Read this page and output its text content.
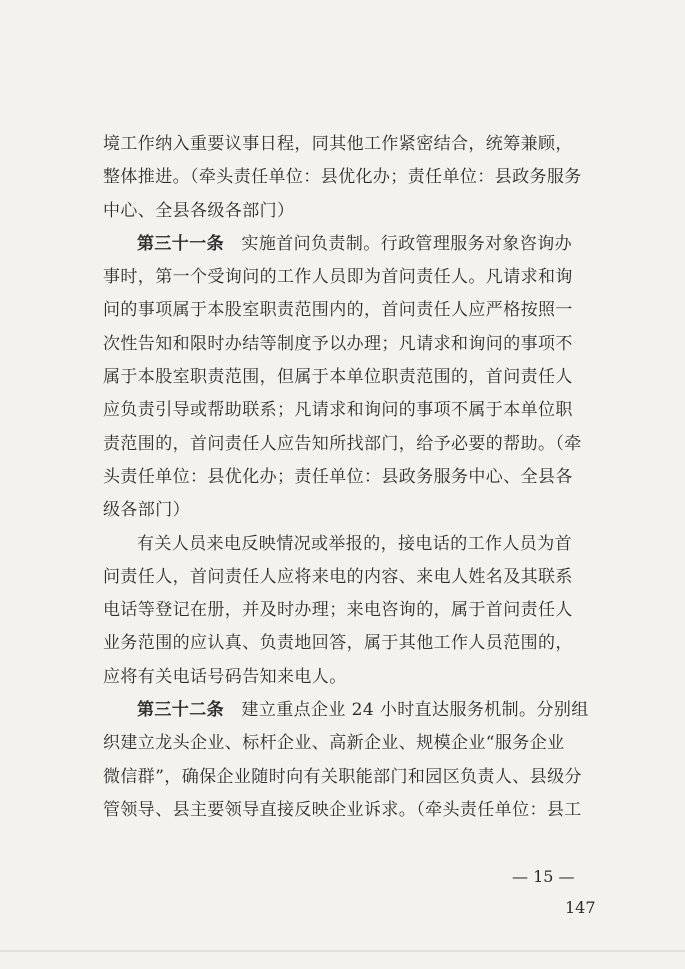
境工作纳入重要议事日程，同其他工作紧密结合，统筹兼顾，
整体推进。（牵头责任单位：县优化办；责任单位：县政务服务
中心、全县各级各部门）
第三十一条 实施首问负责制。行政管理服务对象咨询办
事时，第一个受询问的工作人员即为首问责任人。凡请求和询
问的事项属于本股室职责范围内的，首问责任人应严格按照一
次性告知和限时办结等制度予以办理；凡请求和询问的事项不
属于本股室职责范围，但属于本单位职责范围的，首问责任人
应负责引导或帮助联系；凡请求和询问的事项不属于本单位职
责范围的，首问责任人应告知所找部门，给予必要的帮助。（牵
头责任单位：县优化办；责任单位：县政务服务中心、全县各
级各部门）
有关人员来电反映情况或举报的，接电话的工作人员为首
问责任人，首问责任人应将来电的内容、来电人姓名及其联系
电话等登记在册，并及时办理；来电咨询的，属于首问责任人
业务范围的应认真、负责地回答，属于其他工作人员范围的，
应将有关电话号码告知来电人。
第三十二条 建立重点企业 24 小时直达服务机制。分别组
织建立龙头企业、标杆企业、高新企业、规模企业“服务企业
微信群”，确保企业随时向有关职能部门和园区负责人、县级分
管领导、县主要领导直接反映企业诉求。（牵头责任单位：县工
— 15 —
147
